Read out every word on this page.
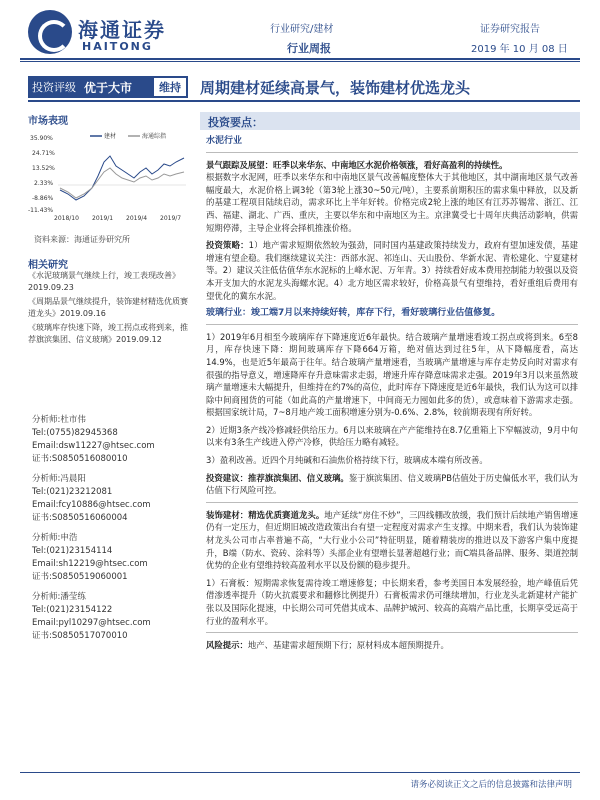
海通证券
HAITONG
行业研究/建材
行业周报
证券研究报告
2019 年 10 月 08 日
投资评级 优于大市	维持	周期建材延续高景气，装饰建材优选龙头
市场表现
35.90%
24.71%
13.52%
2.33%
-8.86%
-11.43%
建材	海通综指
2018/10 2019/1 2019/4 2019/7
资料来源：海通证券研究所
相关研究
《水泥玻璃景气继续上行，竣工表现改善》2019.09.23
《周期品景气继续提升，装饰建材精选优质赛道龙头》2019.09.16
《玻璃库存快速下降，竣工拐点或将到来，推荐旗滨集团、信义玻璃》2019.09.12
分析师:杜市伟
Tel:(0755)82945368
Email:dsw11227@htsec.com
证书:S0850516080010
分析师:冯晨阳
Tel:(021)23212081
Email:fcy10886@htsec.com
证书:S0850516060004
分析师:申浩
Tel:(021)23154114
Email:sh12219@htsec.com
证书:S0850519060001
分析师:潘莹练
Tel:(021)23154122
Email:pyl10297@htsec.com
证书:S0850517070010
投资要点：
水泥行业

景气跟踪及展望：旺季以来华东、中南地区水泥价格领涨，看好高盈利的持续性。
根据数字水泥网，旺季以来华东和中南地区景气改善幅度整体大于其他地区，其中湖南地区景气改善幅度最大，水泥价格上调3轮（第3轮上涨30~50元/吨），主要系前期积压的需求集中释放，以及新的基建工程项目陆续启动，需求环比上半年好转。价格完成2轮上涨的地区有江苏苏锡常、浙江、江西、福建、湖北、广西、重庆，主要以华东和中南地区为主。京津冀受七十周年庆典活动影响，供需短期停滞，主导企业将会择机推涨价格。

投资策略：1）地产需求短期依然较为强劲，同时国内基建政策持续发力，政府有望加速发债，基建增速有望企稳。我们继续建议关注：西部水泥、祁连山、天山股份、华新水泥、青松建化、宁夏建材等。2）建议关注低估值华东水泥标的上峰水泥、万年青。3）持续看好成本费用控制能力较强以及资本开支加大的水泥龙头海螺水泥。4）北方地区需求较好，价格高景气有望维持，看好重组后费用有望优化的冀东水泥。

玻璃行业：竣工端7月以来持续好转，库存下行，看好玻璃行业估值修复。

1）2019年6月相至今玻璃库存下降速度近6年最快。结合玻璃产量增速看竣工拐点或将到来。6至8月，库存快速下降：期间玻璃库存下降664万箱，绝对值达到过往5年，从下降幅度看，高达14.9%，也是近5年最高于往年。结合玻璃产量增速看，当玻璃产量增速与库存走势反向时对需求有很强的指导意义，增速降库存升意味需求走弱，增速升库存降意味需求走强。2019年3月以来虽然玻璃产量增速未大幅提升，但维持在约7%的高位，此时库存下降速度是近6年最快，我们认为这可以排除中间商囤货的可能（如此高的产量增速下，中间商无力囤如此多的货），或意味着下游需求走强。根据国家统计局，7~8月地产竣工面积增速分别为-0.6%、2.8%，较前期表现有所好转。

2）近期3条产线冷修减轻供给压力。6月以来玻璃在产产能维持在8.7亿重箱上下窄幅波动，9月中旬以来有3条生产线进入停产冷修，供给压力略有减轻。

3）盈利改善。近四个月纯碱和石油焦价格持续下行，玻璃成本端有所改善。

投资建议：推荐旗滨集团、信义玻璃。鉴于旗滨集团、信义玻璃PB估值处于历史偏低水平，我们认为估值下行风险可控。

装饰建材：精选优质赛道龙头。地产延续“房住不炒”，三四线棚改放缓，我们预计后续地产销售增速仍有一定压力，但近期旧城改造政策出台有望一定程度对需求产生支撑。中期来看，我们认为装饰建材龙头公司市占率普遍不高，“大行业小公司”特征明显，随着精装房的推进以及下游客户集中度提升，B端（防水、瓷砖、涂料等）头部企业有望增长显著超越行业；而C端具备品牌、服务、渠道控制优势的企业有望维持较高盈利水平以及份额的稳步提升。

1）石膏板：短期需求恢复需待竣工增速修复；中长期来看，参考美国日本发展经验，地产峰值后凭借渗透率提升（防火抗震要求和翻修比例提升）石膏板需求仍可继续增加，行业龙头北新建材产能扩张以及国际化提速，中长期公司可凭借其成本、品牌护城河、较高的高端产品比重，长期享受远高于行业的盈利水平。

风险提示：地产、基建需求超预期下行；原材料成本超预期提升。

请务必阅读正文之后的信息披露和法律声明
